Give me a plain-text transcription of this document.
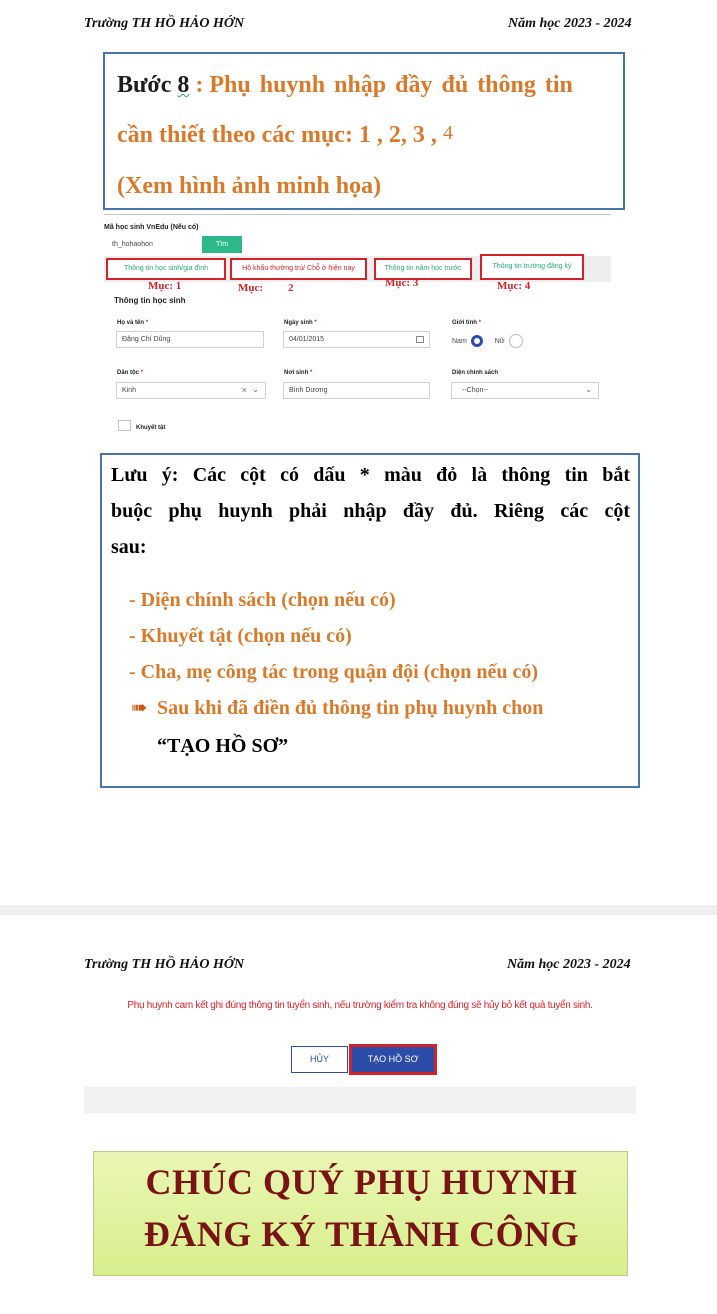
Trường TH HỒ HẢO HỚN	Năm học 2023 - 2024
Bước 8 : Phụ huynh nhập đầy đủ thông tin
cần thiết theo các mục: 1 , 2, 3 , 4
(Xem hình ảnh minh họa)
Mã học sinh VnEdu (Nếu có)
th_hohaohon	Tìm
Thông tin học sinh/gia đình	Hộ khẩu thường trú/ Chỗ ở hiện nay	Thông tin năm học trước	Thông tin trường đăng ký
Mục: 1	Mục: 2	Mục: 3	Mục: 4
Thông tin học sinh
Họ và tên *
Đặng Chí Dũng
Ngày sinh *
04/01/2015
Giới tính *
Nam	Nữ
Dân tộc *
Kinh	× ⌄
Nơi sinh *
Bình Dương
Diện chính sách
--Chọn--	⌄
Khuyết tật
Lưu ý: Các cột có dấu * màu đỏ là thông tin bắt
buộc phụ huynh phải nhập đầy đủ. Riêng các cột
sau:
- Diện chính sách (chọn nếu có)
- Khuyết tật (chọn nếu có)
- Cha, mẹ công tác trong quận đội (chọn nếu có)
➠ Sau khi đã điền đủ thông tin phụ huynh chon
“TẠO HỒ SƠ”
Trường TH HỒ HẢO HỚN	Năm học 2023 - 2024
Phụ huynh cam kết ghi đúng thông tin tuyển sinh, nếu trường kiểm tra không đúng sẽ hủy bỏ kết quả tuyển sinh.
HỦY	TẠO HỒ SƠ
CHÚC QUÝ PHỤ HUYNH
ĐĂNG KÝ THÀNH CÔNG
